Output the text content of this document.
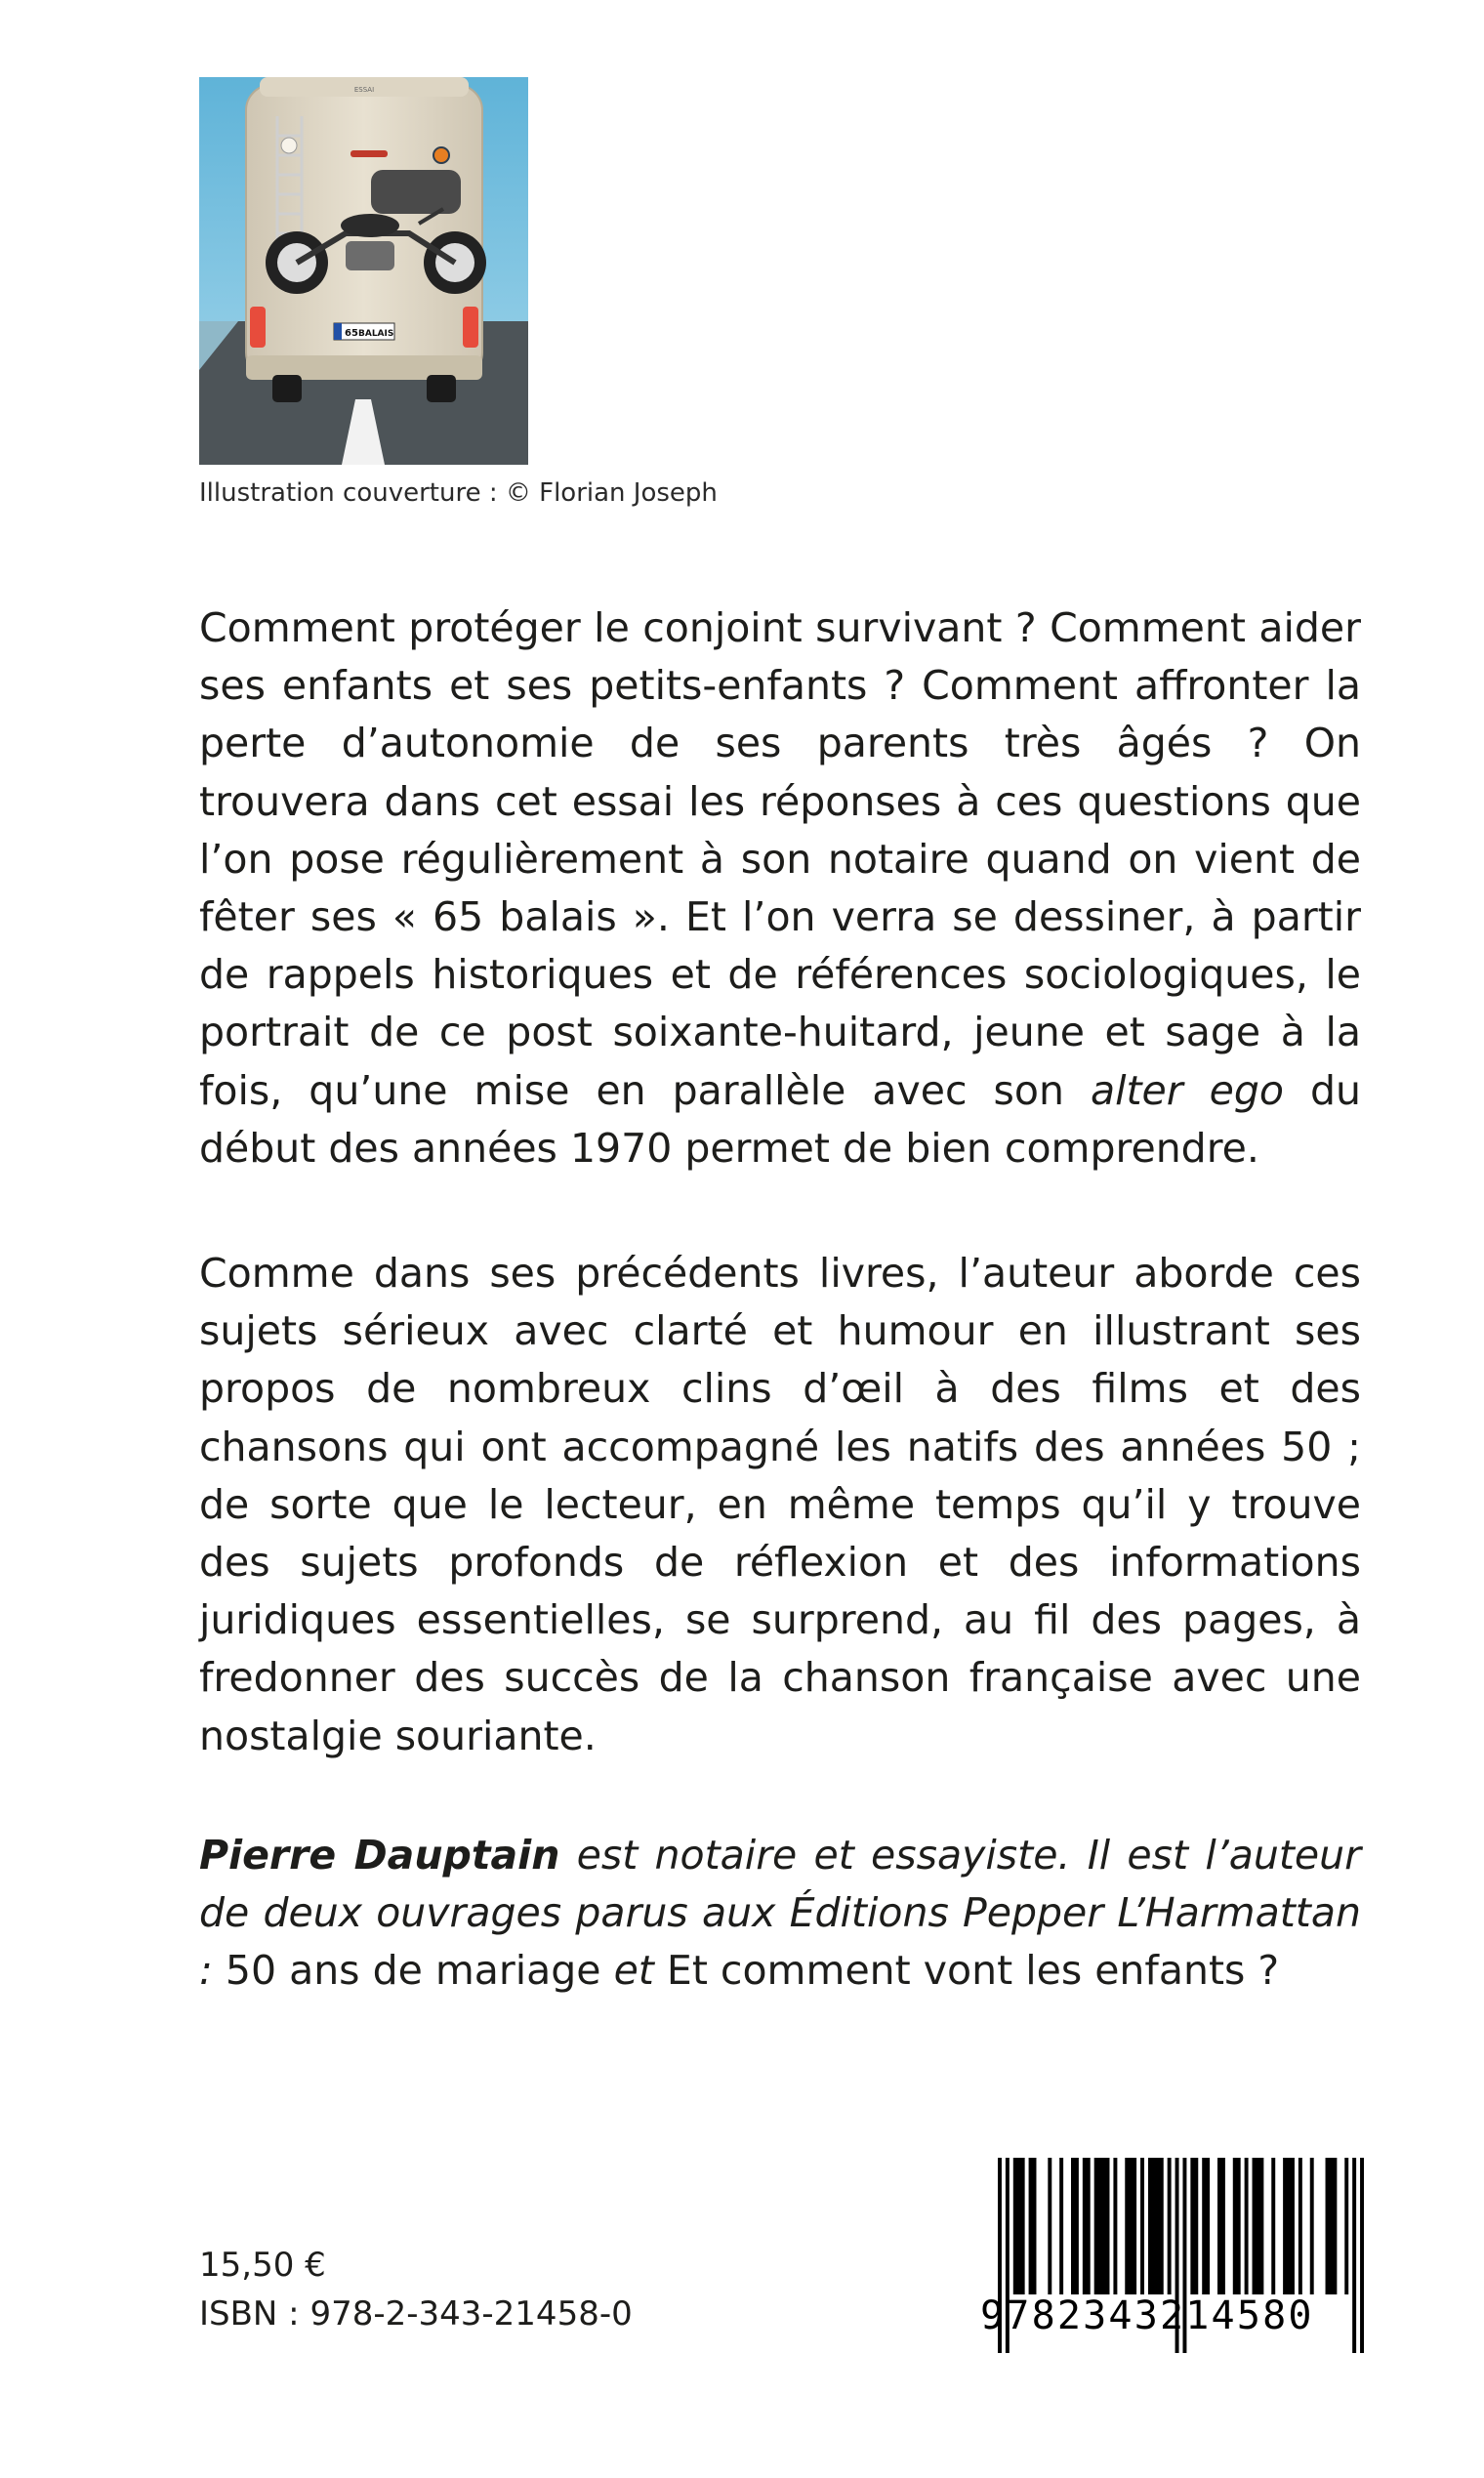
ESSAI
65 BALAIS
Illustration couverture : © Florian Joseph

Comment protéger le conjoint survivant ? Comment aider ses enfants et ses petits-enfants ? Comment affronter la perte d’autonomie de ses parents très âgés ? On trouvera dans cet essai les réponses à ces questions que l’on pose régulièrement à son notaire quand on vient de fêter ses « 65 balais ». Et l’on verra se dessiner, à partir de rappels historiques et de références sociologiques, le portrait de ce post soixante-huitard, jeune et sage à la fois, qu’une mise en parallèle avec son alter ego du début des années 1970 permet de bien comprendre.

Comme dans ses précédents livres, l’auteur aborde ces sujets sérieux avec clarté et humour en illustrant ses propos de nombreux clins d’œil à des films et des chansons qui ont accompagné les natifs des années 50 ; de sorte que le lecteur, en même temps qu’il y trouve des sujets profonds de réflexion et des informations juridiques essentielles, se surprend, au fil des pages, à fredonner des succès de la chanson française avec une nostalgie souriante.

Pierre Dauptain est notaire et essayiste. Il est l’auteur de deux ouvrages parus aux Éditions Pepper L’Harmattan : 50 ans de mariage et Et comment vont les enfants ?

15,50 €
ISBN : 978-2-343-21458-0	9782343214580
